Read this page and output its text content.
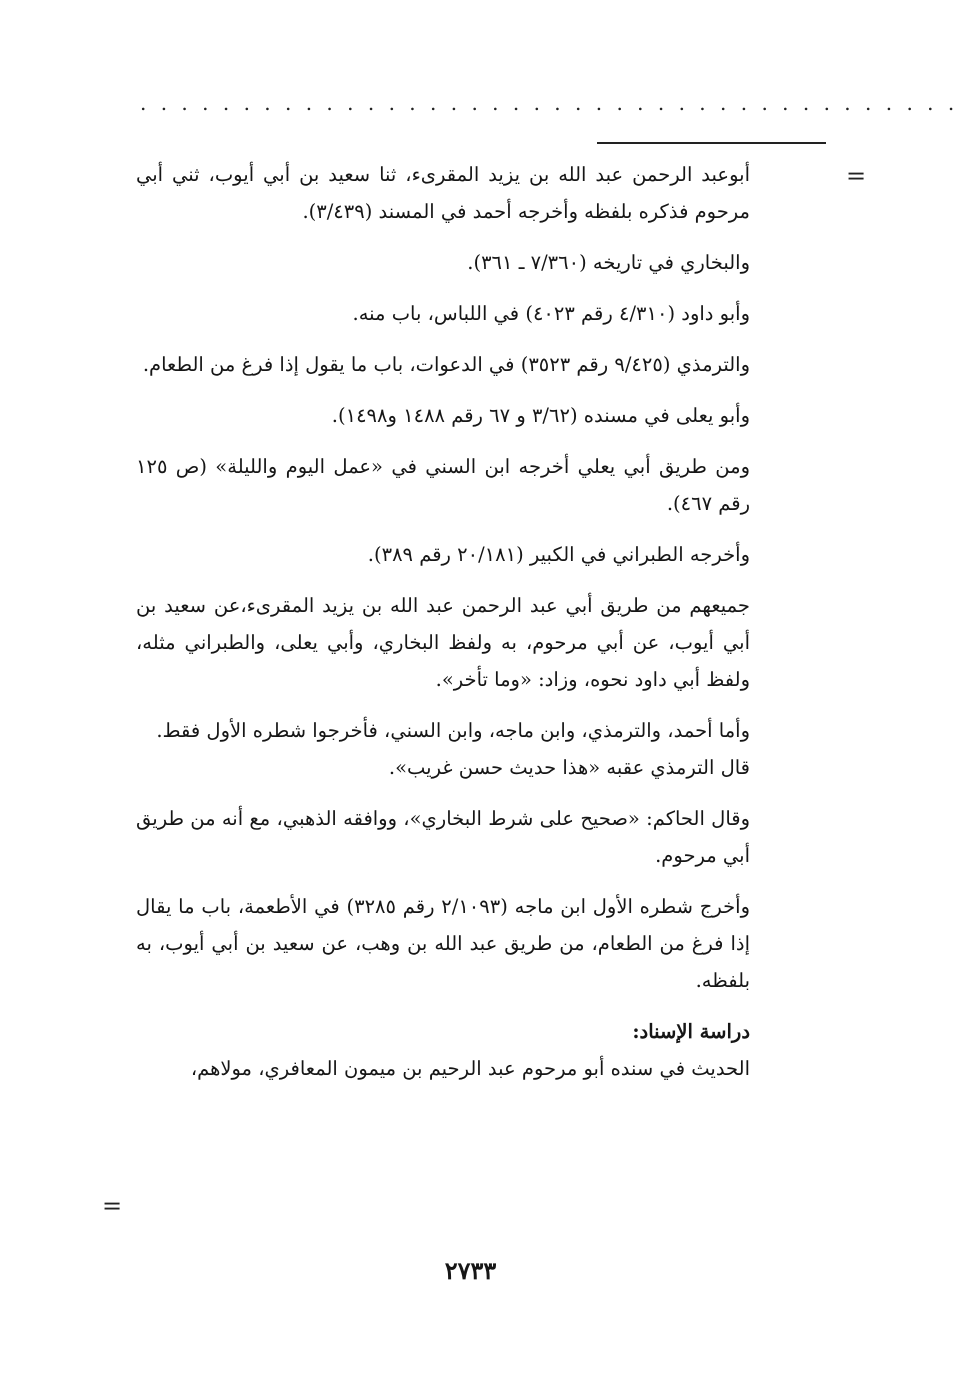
. . . . . . . . . . . . . . . . . . . . . . . . . . . . . . . . . . . . . . . .
=

أبوعبد الرحمن عبد الله بن يزيد المقرىء، ثنا سعيد بن أبي أيوب، ثني أبي مرحوم فذكره بلفظه وأخرجه أحمد في المسند (٣/٤٣٩).

والبخاري في تاريخه (٧/٣٦٠ ـ ٣٦١).

وأبو داود (٤/٣١٠ رقم ٤٠٢٣) في اللباس، باب منه.

والترمذي (٩/٤٢٥ رقم ٣٥٢٣) في الدعوات، باب ما يقول إذا فرغ من الطعام.

وأبو يعلى في مسنده (٣/٦٢ و ٦٧ رقم ١٤٨٨ و١٤٩٨).

ومن طريق أبي يعلي أخرجه ابن السني في «عمل اليوم والليلة» (ص ١٢٥ رقم ٤٦٧).

وأخرجه الطبراني في الكبير (٢٠/١٨١ رقم ٣٨٩).

جميعهم من طريق أبي عبد الرحمن عبد الله بن يزيد المقرىء،عن سعيد بن أبي أيوب، عن أبي مرحوم، به ولفظ البخاري، وأبي يعلى، والطبراني مثله، ولفظ أبي داود نحوه، وزاد: «وما تأخر».

وأما أحمد، والترمذي، وابن ماجه، وابن السني، فأخرجوا شطره الأول فقط.

قال الترمذي عقبه «هذا حديث حسن غريب».

وقال الحاكم: «صحيح على شرط البخاري»، ووافقه الذهبي، مع أنه من طريق أبي مرحوم.

وأخرج شطره الأول ابن ماجه (٢/١٠٩٣ رقم ٣٢٨٥) في الأطعمة، باب ما يقال إذا فرغ من الطعام، من طريق عبد الله بن وهب، عن سعيد بن أبي أيوب، به بلفظه.

دراسة الإسناد:

الحديث في سنده أبو مرحوم عبد الرحيم بن ميمون المعافري، مولاهم،

=
٢٧٣٣
